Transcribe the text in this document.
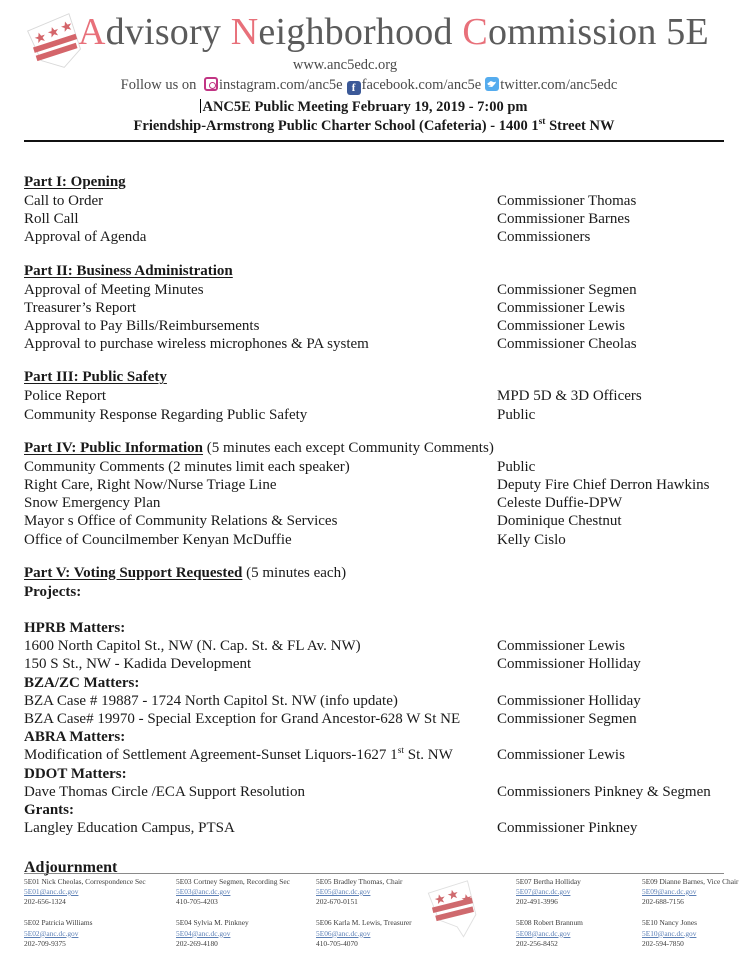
Advisory Neighborhood Commission 5E
www.anc5edc.org
Follow us on instagram.com/anc5e f facebook.com/anc5e twitter.com/anc5edc
ANC5E Public Meeting February 19, 2019 - 7:00 pm
Friendship-Armstrong Public Charter School (Cafeteria) - 1400 1st Street NW
Part I: Opening
Call to Order	Commissioner Thomas
Roll Call	Commissioner Barnes
Approval of Agenda	Commissioners
Part II: Business Administration
Approval of Meeting Minutes	Commissioner Segmen
Treasurer’s Report	Commissioner Lewis
Approval to Pay Bills/Reimbursements	Commissioner Lewis
Approval to purchase wireless microphones & PA system	Commissioner Cheolas
Part III: Public Safety
Police Report	MPD 5D & 3D Officers
Community Response Regarding Public Safety	Public
Part IV: Public Information (5 minutes each except Community Comments)
Community Comments (2 minutes limit each speaker)	Public
Right Care, Right Now/Nurse Triage Line	Deputy Fire Chief Derron Hawkins
Snow Emergency Plan	Celeste Duffie-DPW
Mayor s Office of Community Relations & Services	Dominique Chestnut
Office of Councilmember Kenyan McDuffie	Kelly Cislo
Part V: Voting Support Requested (5 minutes each)
Projects:
HPRB Matters:
1600 North Capitol St., NW (N. Cap. St. & FL Av. NW)	Commissioner Lewis
150 S St., NW - Kadida Development	Commissioner Holliday
BZA/ZC Matters:
BZA Case # 19887 - 1724 North Capitol St. NW (info update)	Commissioner Holliday
BZA Case# 19970 - Special Exception for Grand Ancestor-628 W St NE	Commissioner Segmen
ABRA Matters:
Modification of Settlement Agreement-Sunset Liquors-1627 1st St. NW	Commissioner Lewis
DDOT Matters:
Dave Thomas Circle /ECA Support Resolution	Commissioners Pinkney & Segmen
Grants:
Langley Education Campus, PTSA	Commissioner Pinkney
Adjournment
5E01 Nick Cheolas, Correspondence Sec
5E01@anc.dc.gov
202-656-1324
5E02 Patricia Williams
5E02@anc.dc.gov
202-709-9375
5E03 Cortney Segmen, Recording Sec
5E03@anc.dc.gov
410-705-4203
5E04 Sylvia M. Pinkney
5E04@anc.dc.gov
202-269-4180
5E05 Bradley Thomas, Chair
5E05@anc.dc.gov
202-670-0151
5E06 Karla M. Lewis, Treasurer
5E06@anc.dc.gov
410-705-4070
5E07 Bertha Holliday
5E07@anc.dc.gov
202-491-3996
5E08 Robert Brannum
5E08@anc.dc.gov
202-256-8452
5E09 Dianne Barnes, Vice Chair
5E09@anc.dc.gov
202-688-7156
5E10 Nancy Jones
5E10@anc.dc.gov
202-594-7850
